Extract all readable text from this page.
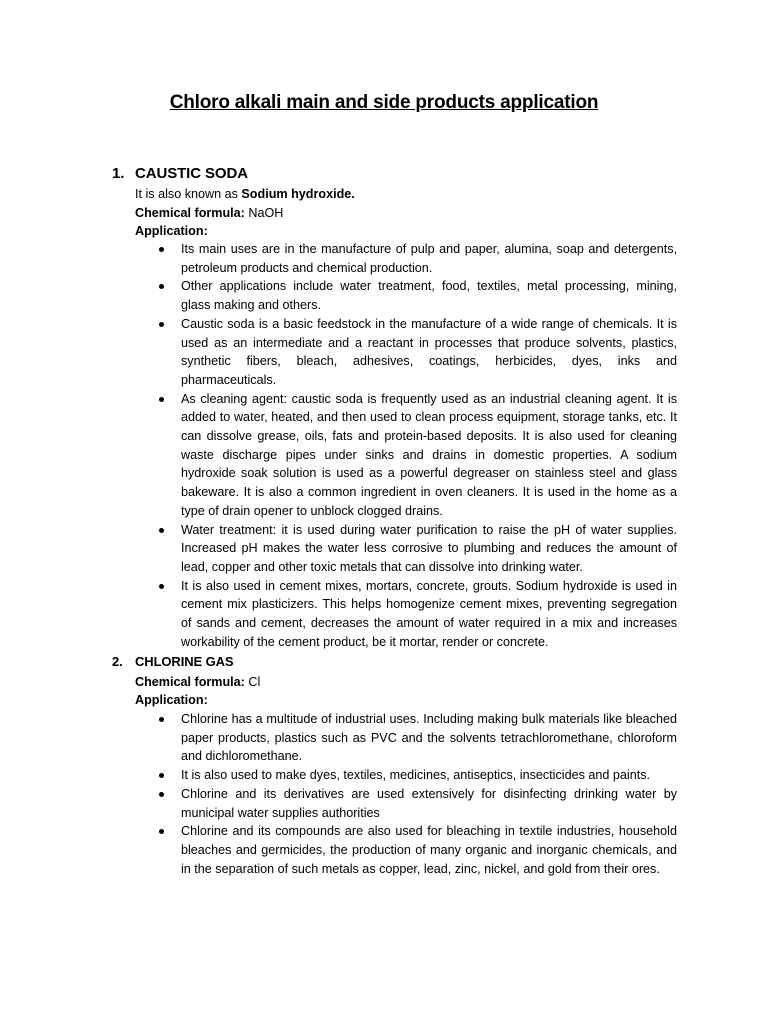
Chloro alkali main and side products application
1. CAUSTIC SODA
It is also known as Sodium hydroxide.
Chemical formula: NaOH
Application:
Its main uses are in the manufacture of pulp and paper, alumina, soap and detergents, petroleum products and chemical production.
Other applications include water treatment, food, textiles, metal processing, mining, glass making and others.
Caustic soda is a basic feedstock in the manufacture of a wide range of chemicals. It is used as an intermediate and a reactant in processes that produce solvents, plastics, synthetic fibers, bleach, adhesives, coatings, herbicides, dyes, inks and pharmaceuticals.
As cleaning agent: caustic soda is frequently used as an industrial cleaning agent. It is added to water, heated, and then used to clean process equipment, storage tanks, etc. It can dissolve grease, oils, fats and protein-based deposits. It is also used for cleaning waste discharge pipes under sinks and drains in domestic properties. A sodium hydroxide soak solution is used as a powerful degreaser on stainless steel and glass bakeware. It is also a common ingredient in oven cleaners. It is used in the home as a type of drain opener to unblock clogged drains.
Water treatment: it is used during water purification to raise the pH of water supplies. Increased pH makes the water less corrosive to plumbing and reduces the amount of lead, copper and other toxic metals that can dissolve into drinking water.
It is also used in cement mixes, mortars, concrete, grouts. Sodium hydroxide is used in cement mix plasticizers. This helps homogenize cement mixes, preventing segregation of sands and cement, decreases the amount of water required in a mix and increases workability of the cement product, be it mortar, render or concrete.
2. CHLORINE GAS
Chemical formula: Cl
Application:
Chlorine has a multitude of industrial uses. Including making bulk materials like bleached paper products, plastics such as PVC and the solvents tetrachloromethane, chloroform and dichloromethane.
It is also used to make dyes, textiles, medicines, antiseptics, insecticides and paints.
Chlorine and its derivatives are used extensively for disinfecting drinking water by municipal water supplies authorities
Chlorine and its compounds are also used for bleaching in textile industries, household bleaches and germicides, the production of many organic and inorganic chemicals, and in the separation of such metals as copper, lead, zinc, nickel, and gold from their ores.
